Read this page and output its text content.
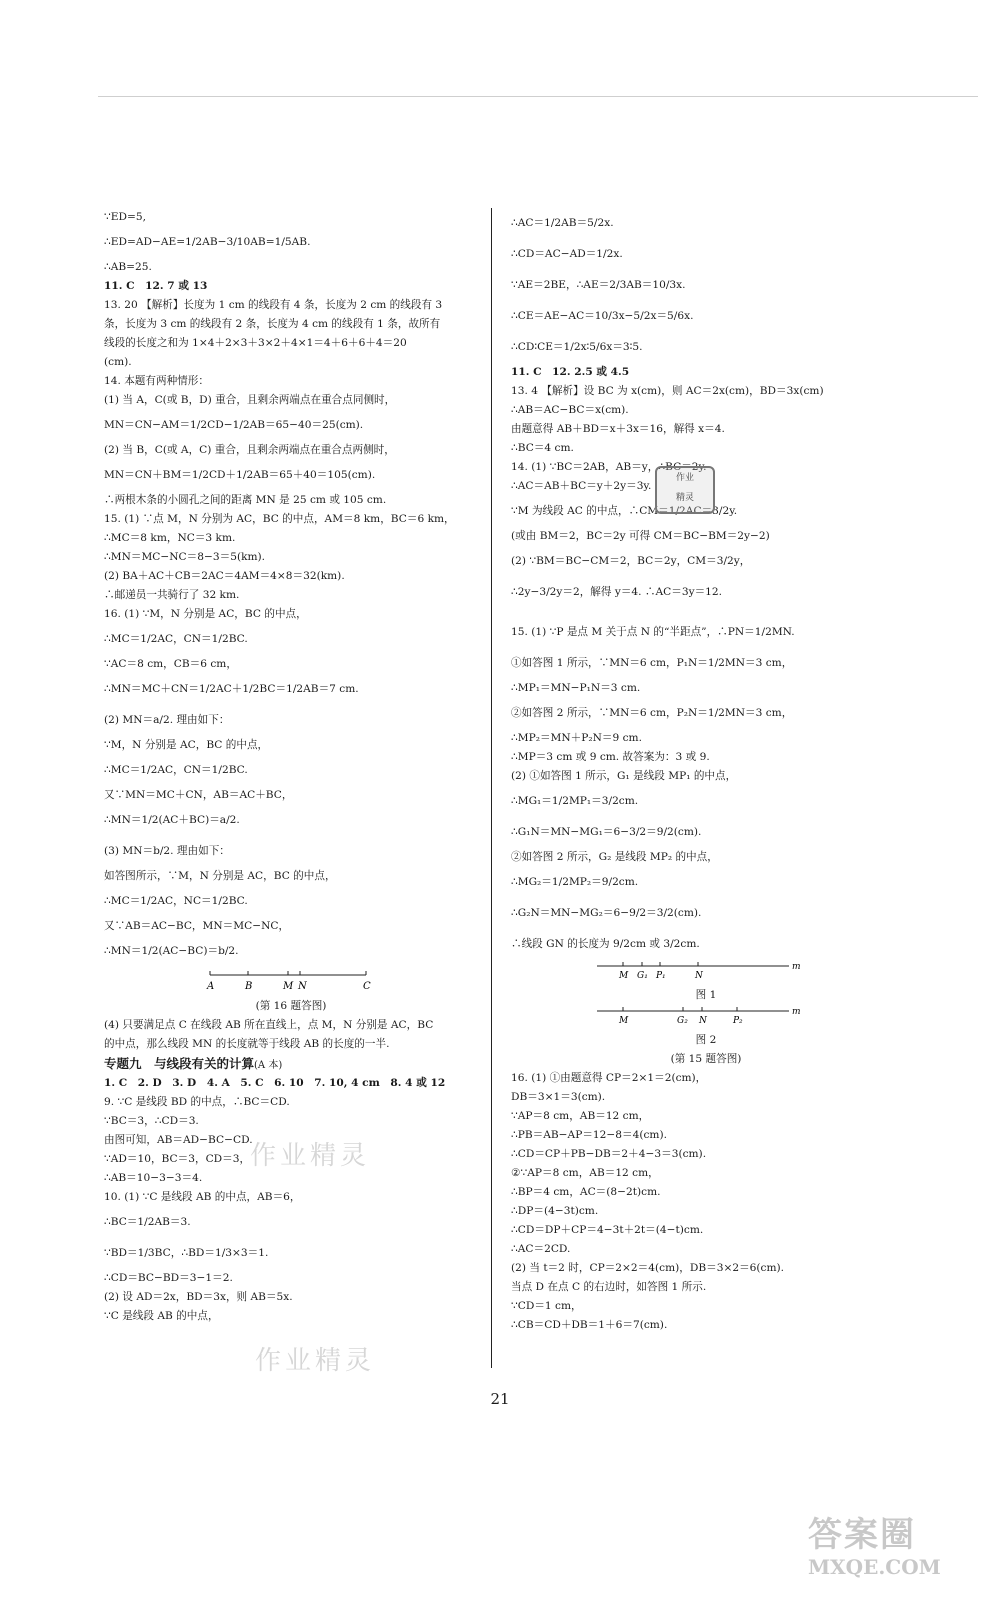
∵ED=5,
∴ED=AD−AE=1/2AB−3/10AB=1/5AB.
∴AB=25.
11. C　12. 7 或 13
13. 20 【解析】长度为 1 cm 的线段有 4 条，长度为 2 cm 的线段有 3
条，长度为 3 cm 的线段有 2 条，长度为 4 cm 的线段有 1 条，故所有
线段的长度之和为 1×4＋2×3＋3×2＋4×1＝4＋6＋6＋4＝20
(cm).
14. 本题有两种情形：
(1) 当 A，C(或 B，D) 重合，且剩余两端点在重合点同侧时，
MN＝CN−AM＝1/2CD−1/2AB＝65−40＝25(cm).
(2) 当 B，C(或 A，C) 重合，且剩余两端点在重合点两侧时，
MN＝CN＋BM＝1/2CD＋1/2AB＝65＋40＝105(cm).
∴两根木条的小圆孔之间的距离 MN 是 25 cm 或 105 cm.
15. (1) ∵点 M，N 分别为 AC，BC 的中点，AM＝8 km，BC＝6 km，
∴MC＝8 km，NC＝3 km.
∴MN＝MC−NC＝8−3＝5(km).
(2) BA＋AC＋CB＝2AC＝4AM＝4×8＝32(km).
∴邮递员一共骑行了 32 km.
16. (1) ∵M，N 分别是 AC，BC 的中点，
∴MC＝1/2AC，CN＝1/2BC.
∵AC＝8 cm，CB＝6 cm，
∴MN＝MC＋CN＝1/2AC＋1/2BC＝1/2AB＝7 cm.
(2) MN＝a/2. 理由如下：
∵M，N 分别是 AC，BC 的中点，
∴MC＝1/2AC，CN＝1/2BC.
又∵MN＝MC＋CN，AB＝AC＋BC，
∴MN＝1/2(AC＋BC)＝a/2.
(3) MN＝b/2. 理由如下：
如答图所示，∵M，N 分别是 AC，BC 的中点，
∴MC＝1/2AC，NC＝1/2BC.
又∵AB＝AC−BC，MN＝MC−NC，
∴MN＝1/2(AC−BC)＝b/2.
A	B	M N	C
(第 16 题答图)
(4) 只要满足点 C 在线段 AB 所在直线上，点 M，N 分别是 AC，BC
的中点，那么线段 MN 的长度就等于线段 AB 的长度的一半.
专题九　与线段有关的计算(A 本)
1. C　2. D　3. D　4. A　5. C　6. 10　7. 10, 4 cm　8. 4 或 12
9. ∵C 是线段 BD 的中点，∴BC＝CD.
∵BC＝3，∴CD＝3.
由图可知，AB＝AD−BC−CD.
∵AD＝10，BC＝3，CD＝3，
∴AB＝10−3−3＝4.
10. (1) ∵C 是线段 AB 的中点，AB＝6，
∴BC＝1/2AB＝3.
∵BD＝1/3BC，∴BD＝1/3×3＝1.
∴CD＝BC−BD＝3−1＝2.
(2) 设 AD＝2x，BD＝3x，则 AB＝5x.
∵C 是线段 AB 的中点，
∴AC＝1/2AB＝5/2x.
∴CD＝AC−AD＝1/2x.
∵AE＝2BE，∴AE＝2/3AB＝10/3x.
∴CE＝AE−AC＝10/3x−5/2x＝5/6x.
∴CD∶CE＝1/2x∶5/6x＝3∶5.
11. C　12. 2.5 或 4.5
13. 4 【解析】设 BC 为 x(cm)，则 AC＝2x(cm)，BD＝3x(cm)
∴AB＝AC−BC＝x(cm).
由题意得 AB＋BD＝x＋3x＝16，解得 x＝4.
∴BC＝4 cm.
14. (1) ∵BC＝2AB，AB＝y，∴BC＝2y.
∴AC＝AB＋BC＝y＋2y＝3y.
∵M 为线段 AC 的中点，∴CM＝1/2AC＝3/2y.
(或由 BM＝2，BC＝2y 可得 CM＝BC−BM＝2y−2)
(2) ∵BM＝BC−CM＝2，BC＝2y，CM＝3/2y，
∴2y−3/2y＝2，解得 y＝4. ∴AC＝3y＝12.
15. (1) ∵P 是点 M 关于点 N 的“半距点”，∴PN＝1/2MN.
①如答图 1 所示，∵MN＝6 cm，P₁N＝1/2MN＝3 cm，
∴MP₁＝MN−P₁N＝3 cm.
②如答图 2 所示，∵MN＝6 cm，P₂N＝1/2MN＝3 cm，
∴MP₂＝MN＋P₂N＝9 cm.
∴MP＝3 cm 或 9 cm. 故答案为：3 或 9.
(2) ①如答图 1 所示，G₁ 是线段 MP₁ 的中点，
∴MG₁＝1/2MP₁＝3/2cm.
∴G₁N＝MN−MG₁＝6−3/2＝9/2(cm).
②如答图 2 所示，G₂ 是线段 MP₂ 的中点，
∴MG₂＝1/2MP₂＝9/2cm.
∴G₂N＝MN−MG₂＝6−9/2＝3/2(cm).
∴线段 GN 的长度为 9/2cm 或 3/2cm.
M G₁ P₁	N
m
图 1
M	G₂ N	P₂
m
图 2
(第 15 题答图)
16. (1) ①由题意得 CP＝2×1＝2(cm)，
DB＝3×1＝3(cm).
∵AP＝8 cm，AB＝12 cm，
∴PB＝AB−AP＝12−8＝4(cm).
∴CD＝CP＋PB−DB＝2＋4−3＝3(cm).
②∵AP＝8 cm，AB＝12 cm，
∴BP＝4 cm，AC＝(8−2t)cm.
∴DP＝(4−3t)cm.
∴CD＝DP＋CP＝4−3t＋2t＝(4−t)cm.
∴AC＝2CD.
(2) 当 t＝2 时，CP＝2×2＝4(cm)，DB＝3×2＝6(cm).
当点 D 在点 C 的右边时，如答图 1 所示.
∵CD＝1 cm，
∴CB＝CD＋DB＝1＋6＝7(cm).
作业
精灵
作业精灵
作业精灵
21
答案圈
MXQE.COM
